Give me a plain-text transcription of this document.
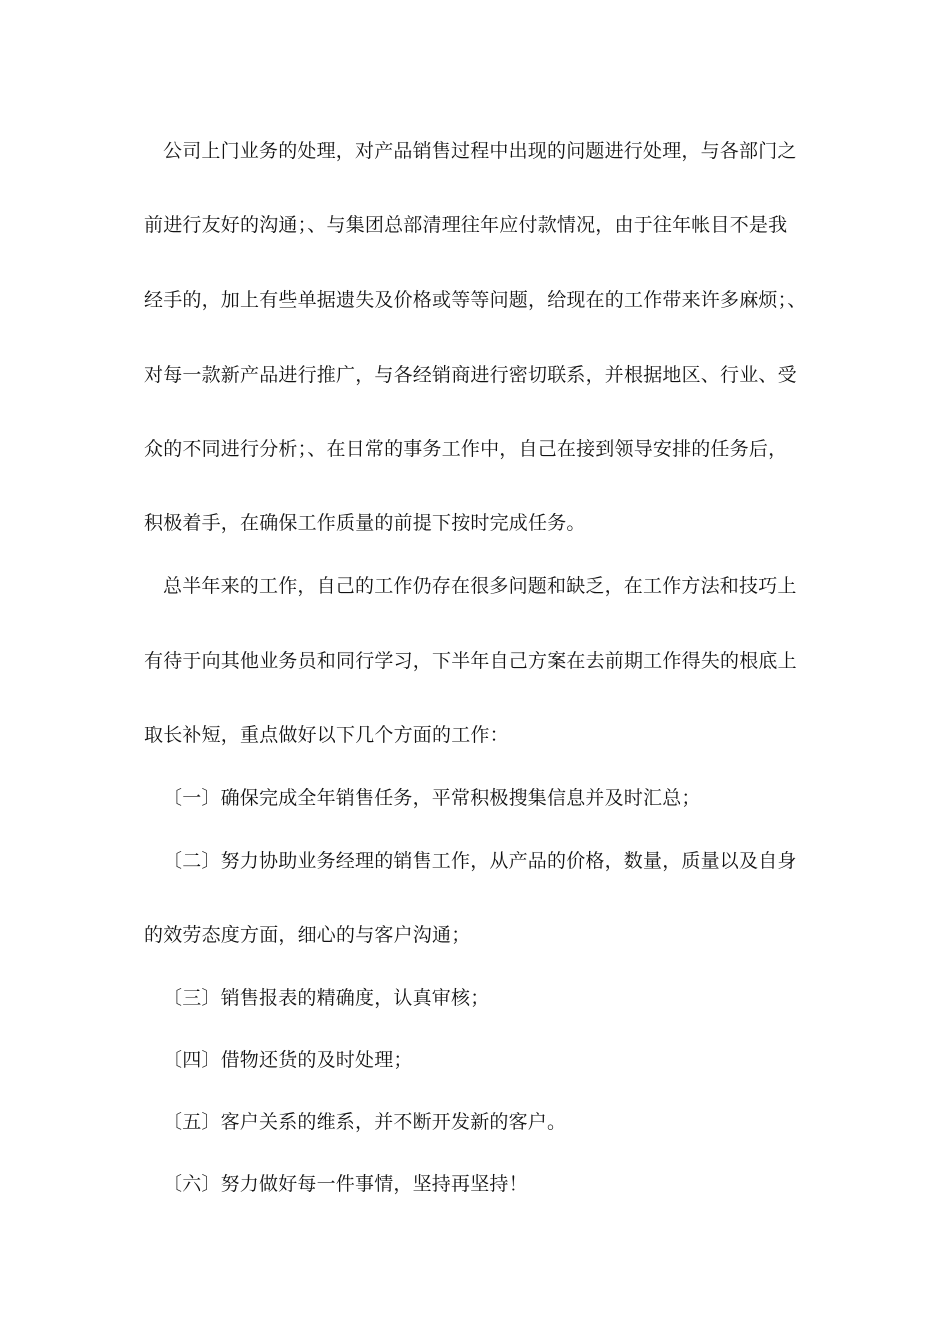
公司上门业务的处理，对产品销售过程中出现的问题进行处理，与各部门之
前进行友好的沟通；、与集团总部清理往年应付款情况，由于往年帐目不是我
经手的，加上有些单据遗失及价格或等等问题，给现在的工作带来许多麻烦；、
对每一款新产品进行推广，与各经销商进行密切联系，并根据地区、行业、受
众的不同进行分析；、在日常的事务工作中，自己在接到领导安排的任务后，
积极着手，在确保工作质量的前提下按时完成任务。
总半年来的工作，自己的工作仍存在很多问题和缺乏，在工作方法和技巧上
有待于向其他业务员和同行学习，下半年自己方案在去前期工作得失的根底上
取长补短，重点做好以下几个方面的工作：
〔一〕确保完成全年销售任务，平常积极搜集信息并及时汇总；
〔二〕努力协助业务经理的销售工作，从产品的价格，数量，质量以及自身
的效劳态度方面，细心的与客户沟通；
〔三〕销售报表的精确度，认真审核；
〔四〕借物还货的及时处理；
〔五〕客户关系的维系，并不断开发新的客户。
〔六〕努力做好每一件事情，坚持再坚持！
